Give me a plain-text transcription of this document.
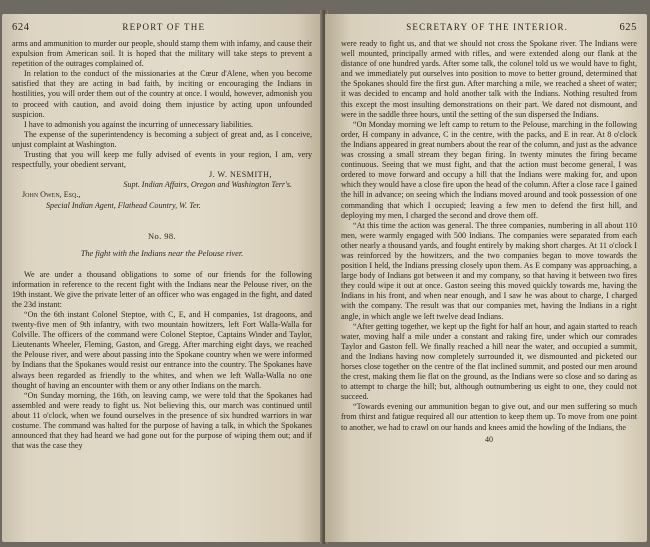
624	REPORT OF THE

arms and ammunition to murder our people, should stamp them with infamy, and cause their expulsion from American soil. It is hoped that the military will take steps to prevent a repetition of the outrages complained of.

In relation to the conduct of the missionaries at the Cœur d'Alene, when you become satisfied that they are acting in bad faith, by inciting or encouraging the Indians in hostilities, you will order them out of the country at once. I would, however, admonish you to proceed with caution, and avoid doing them injustice by acting upon unfounded suspicion.

I have to admonish you against the incurring of unnecessary liabilities.

The expense of the superintendency is becoming a subject of great and, as I conceive, unjust complaint at Washington.

Trusting that you will keep me fully advised of events in your region, I am, very respectfully, your obedient servant,

J. W. NESMITH,
Supt. Indian Affairs, Oregon and Washington Terr's.
John Owen, Esq.,
Special Indian Agent, Flathead Country, W. Ter.
No. 98.
The fight with the Indians near the Pelouse river.

We are under a thousand obligations to some of our friends for the following information in reference to the recent fight with the Indians near the Pelouse river, on the 19th instant. We give the private letter of an officer who was engaged in the fight, and dated the 23d instant:

“On the 6th instant Colonel Steptoe, with C, E, and H companies, 1st dragoons, and twenty-five men of 9th infantry, with two mountain howitzers, left Fort Walla-Walla for Colville. The officers of the command were Colonel Steptoe, Captains Winder and Taylor, Lieutenants Wheeler, Fleming, Gaston, and Gregg. After marching eight days, we reached the Pelouse river, and were about passing into the Spokane country when we were informed by Indians that the Spokanes would resist our entrance into the country. The Spokanes have always been regarded as friendly to the whites, and when we left Walla-Walla no one thought of having an encounter with them or any other Indians on the march.

“On Sunday morning, the 16th, on leaving camp, we were told that the Spokanes had assembled and were ready to fight us. Not believing this, our march was continued until about 11 o'clock, when we found ourselves in the presence of six hundred warriors in war costume. The command was halted for the purpose of having a talk, in which the Spokanes announced that they had heard we had gone out for the purpose of wiping them out; and if that was the case they

SECRETARY OF THE INTERIOR.	625

were ready to fight us, and that we should not cross the Spokane river. The Indians were well mounted, principally armed with rifles, and were extended along our flank at the distance of one hundred yards. After some talk, the colonel told us we would have to fight, and we immediately put ourselves into position to move to better ground, determined that the Spokanes should fire the first gun. After marching a mile, we reached a sheet of water; it was decided to encamp and hold another talk with the Indians. Nothing resulted from this except the most insulting demonstrations on their part. We dared not dismount, and were in the saddle three hours, until the setting of the sun dispersed the Indians.

“On Monday morning we left camp to return to the Pelouse, marching in the following order, H company in advance, C in the centre, with the packs, and E in rear. At 8 o'clock the Indians appeared in great numbers about the rear of the column, and just as the advance was crossing a small stream they began firing. In twenty minutes the firing became continuous. Seeing that we must fight, and that the action must become general, I was ordered to move forward and occupy a hill that the Indians were making for, and upon which they would have a close fire upon the head of the column. After a close race I gained the hill in advance; on seeing which the Indians moved around and took possession of one commanding that which I occupied; leaving a few men to defend the first hill, and deploying my men, I charged the second and drove them off.

“At this time the action was general. The three companies, numbering in all about 110 men, were warmly engaged with 500 Indians. The companies were separated from each other nearly a thousand yards, and fought entirely by making short charges. At 11 o'clock I was reinforced by the howitzers, and the two companies began to move towards the position I held, the Indians pressing closely upon them. As E company was approaching, a large body of Indians got between it and my company, so that having it between two fires they could wipe it out at once. Gaston seeing this moved quickly towards me, having the Indians in his front, and when near enough, and I saw he was about to charge, I charged with the company. The result was that our companies met, having the Indians in a right angle, in which angle we left twelve dead Indians.

“After getting together, we kept up the fight for half an hour, and again started to reach water, moving half a mile under a constant and raking fire, under which our comrades Taylor and Gaston fell. We finally reached a hill near the water, and occupied a summit, and the Indians having now completely surrounded it, we dismounted and picketed our horses close together on the centre of the flat inclined summit, and posted our men around the crest, making them lie flat on the ground, as the Indians were so close and so daring as to attempt to charge the hill; but, although outnumbering us eight to one, they could not succeed.

“Towards evening our ammunition began to give out, and our men suffering so much from thirst and fatigue required all our attention to keep them up. To move from one point to another, we had to crawl on our hands and knees amid the howling of the Indians, the

40
